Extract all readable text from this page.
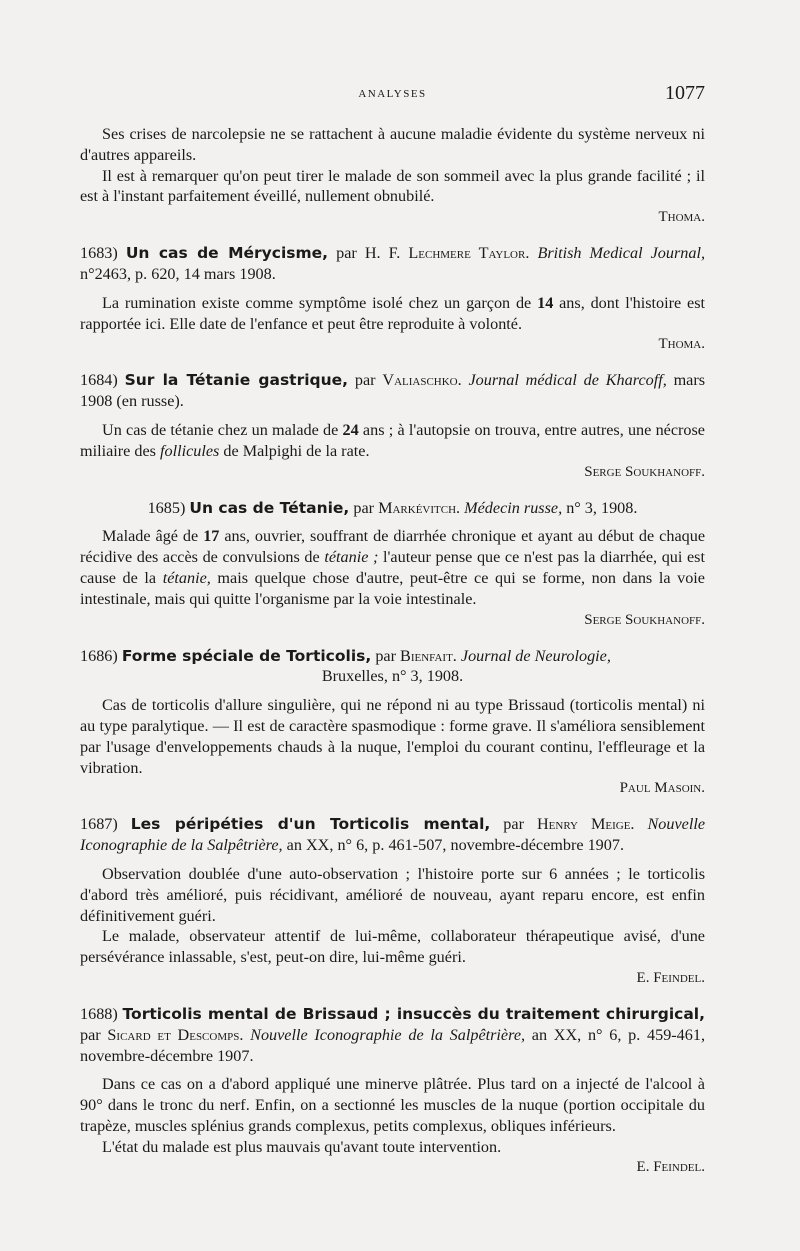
ANALYSES	1077

Ses crises de narcolepsie ne se rattachent à aucune maladie évidente du système nerveux ni d'autres appareils.

Il est à remarquer qu'on peut tirer le malade de son sommeil avec la plus grande facilité ; il est à l'instant parfaitement éveillé, nullement obnubilé.

Thoma.

1683) Un cas de Mérycisme, par H. F. Lechmere Taylor. British Medical Journal, n°2463, p. 620, 14 mars 1908.

La rumination existe comme symptôme isolé chez un garçon de 14 ans, dont l'histoire est rapportée ici. Elle date de l'enfance et peut être reproduite à volonté.

Thoma.

1684) Sur la Tétanie gastrique, par Valiaschko. Journal médical de Kharcoff, mars 1908 (en russe).

Un cas de tétanie chez un malade de 24 ans ; à l'autopsie on trouva, entre autres, une nécrose miliaire des follicules de Malpighi de la rate.

Serge Soukhanoff.

1685) Un cas de Tétanie, par Markévitch. Médecin russe, n° 3, 1908.

Malade âgé de 17 ans, ouvrier, souffrant de diarrhée chronique et ayant au début de chaque récidive des accès de convulsions de tétanie ; l'auteur pense que ce n'est pas la diarrhée, qui est cause de la tétanie, mais quelque chose d'autre, peut-être ce qui se forme, non dans la voie intestinale, mais qui quitte l'organisme par la voie intestinale.

Serge Soukhanoff.

1686) Forme spéciale de Torticolis, par Bienfait. Journal de Neurologie,
Bruxelles, n° 3, 1908.

Cas de torticolis d'allure singulière, qui ne répond ni au type Brissaud (torticolis mental) ni au type paralytique. — Il est de caractère spasmodique : forme grave. Il s'améliora sensiblement par l'usage d'enveloppements chauds à la nuque, l'emploi du courant continu, l'effleurage et la vibration.

Paul Masoin.

1687) Les péripéties d'un Torticolis mental, par Henry Meige. Nouvelle Iconographie de la Salpêtrière, an XX, n° 6, p. 461-507, novembre-décembre 1907.

Observation doublée d'une auto-observation ; l'histoire porte sur 6 années ; le torticolis d'abord très amélioré, puis récidivant, amélioré de nouveau, ayant reparu encore, est enfin définitivement guéri.

Le malade, observateur attentif de lui-même, collaborateur thérapeutique avisé, d'une persévérance inlassable, s'est, peut-on dire, lui-même guéri.

E. Feindel.

1688) Torticolis mental de Brissaud ; insuccès du traitement chirurgical, par Sicard et Descomps. Nouvelle Iconographie de la Salpêtrière, an XX, n° 6, p. 459-461, novembre-décembre 1907.

Dans ce cas on a d'abord appliqué une minerve plâtrée. Plus tard on a injecté de l'alcool à 90° dans le tronc du nerf. Enfin, on a sectionné les muscles de la nuque (portion occipitale du trapèze, muscles splénius grands complexus, petits complexus, obliques inférieurs.

L'état du malade est plus mauvais qu'avant toute intervention.

E. Feindel.
